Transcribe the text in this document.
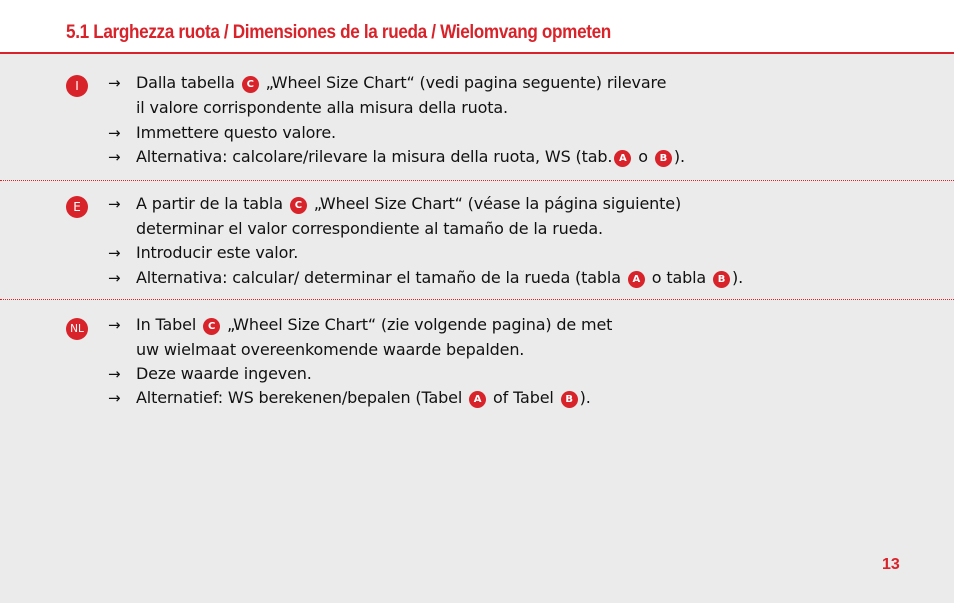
5.1 Larghezza ruota / Dimensiones de la rueda / Wielomvang opmeten
I	→ Dalla tabella C „Wheel Size Chart“ (vedi pagina seguente) rilevare
il valore corrispondente alla misura della ruota.
→ Immettere questo valore.
→ Alternativa: calcolare/rilevare la misura della ruota, WS (tab. A o B ).
E	→ A partir de la tabla C „Wheel Size Chart“ (véase la página siguiente)
determinar el valor correspondiente al tamaño de la rueda.
→ Introducir este valor.
→ Alternativa: calcular/ determinar el tamaño de la rueda (tabla A o tabla B ).
NL → In Tabel C „Wheel Size Chart“ (zie volgende pagina) de met
uw wielmaat overeenkomende waarde bepalden.
→ Deze waarde ingeven.
→ Alternatief: WS berekenen/bepalen (Tabel A of Tabel B ).
13
